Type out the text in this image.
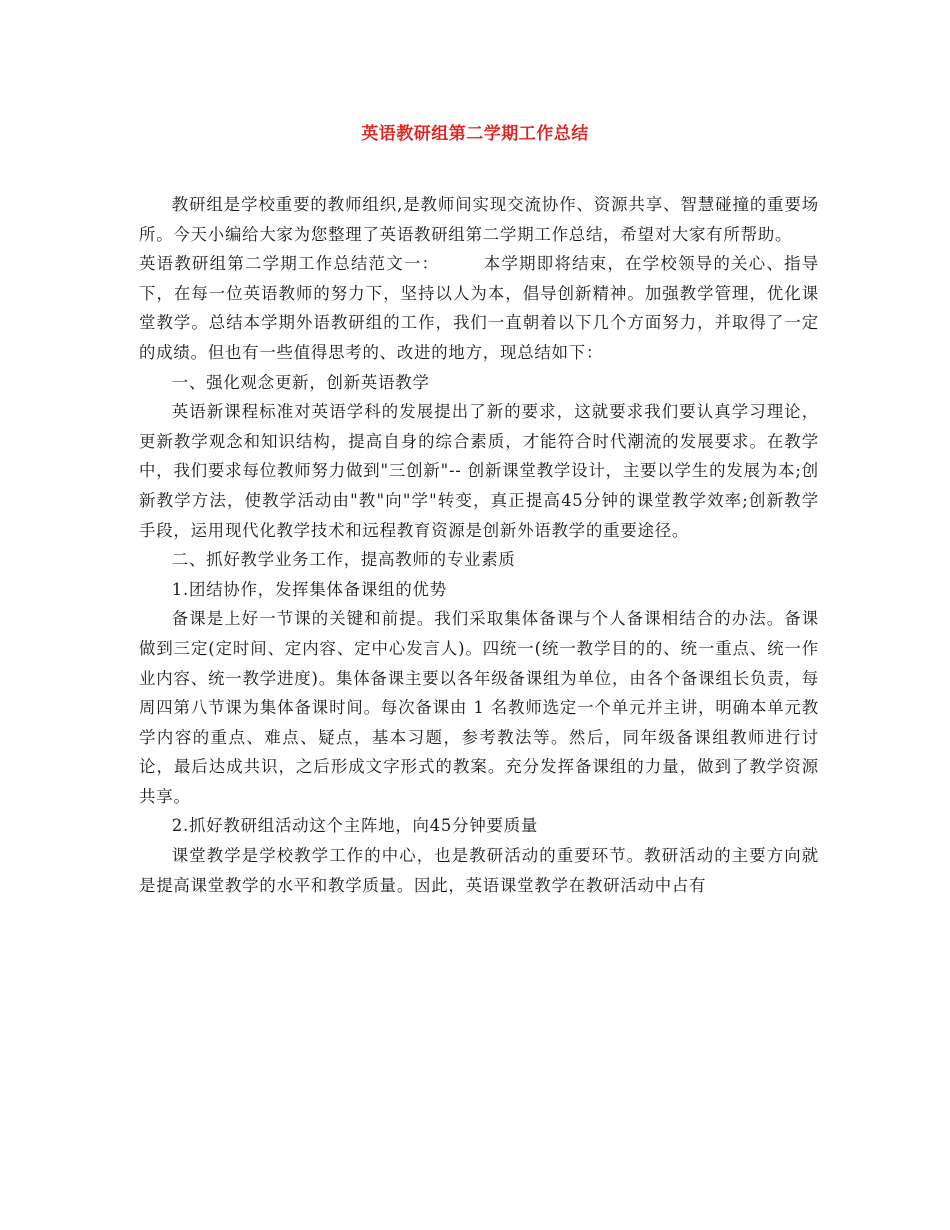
英语教研组第二学期工作总结

教研组是学校重要的教师组织,是教师间实现交流协作、资源共享、智慧碰撞的重要场所。今天小编给大家为您整理了英语教研组第二学期工作总结，希望对大家有所帮助。

英语教研组第二学期工作总结范文一：	本学期即将结束，在学校领导的关心、指导下，在每一位英语教师的努力下，坚持以人为本，倡导创新精神。加强教学管理，优化课堂教学。总结本学期外语教研组的工作，我们一直朝着以下几个方面努力，并取得了一定的成绩。但也有一些值得思考的、改进的地方，现总结如下：

一、强化观念更新，创新英语教学

英语新课程标准对英语学科的发展提出了新的要求，这就要求我们要认真学习理论，更新教学观念和知识结构，提高自身的综合素质，才能符合时代潮流的发展要求。在教学中，我们要求每位教师努力做到"三创新"-- 创新课堂教学设计，主要以学生的发展为本;创新教学方法，使教学活动由"教"向"学"转变，真正提高45分钟的课堂教学效率;创新教学手段，运用现代化教学技术和远程教育资源是创新外语教学的重要途径。

二、抓好教学业务工作，提高教师的专业素质

1.团结协作，发挥集体备课组的优势

备课是上好一节课的关键和前提。我们采取集体备课与个人备课相结合的办法。备课做到三定(定时间、定内容、定中心发言人)。四统一(统一教学目的的、统一重点、统一作业内容、统一教学进度)。集体备课主要以各年级备课组为单位，由各个备课组长负责，每周四第八节课为集体备课时间。每次备课由 1 名教师选定一个单元并主讲，明确本单元教学内容的重点、难点、疑点，基本习题，参考教法等。然后，同年级备课组教师进行讨论，最后达成共识，之后形成文字形式的教案。充分发挥备课组的力量，做到了教学资源共享。

2.抓好教研组活动这个主阵地，向45分钟要质量

课堂教学是学校教学工作的中心，也是教研活动的重要环节。教研活动的主要方向就是提高课堂教学的水平和教学质量。因此，英语课堂教学在教研活动中占有
